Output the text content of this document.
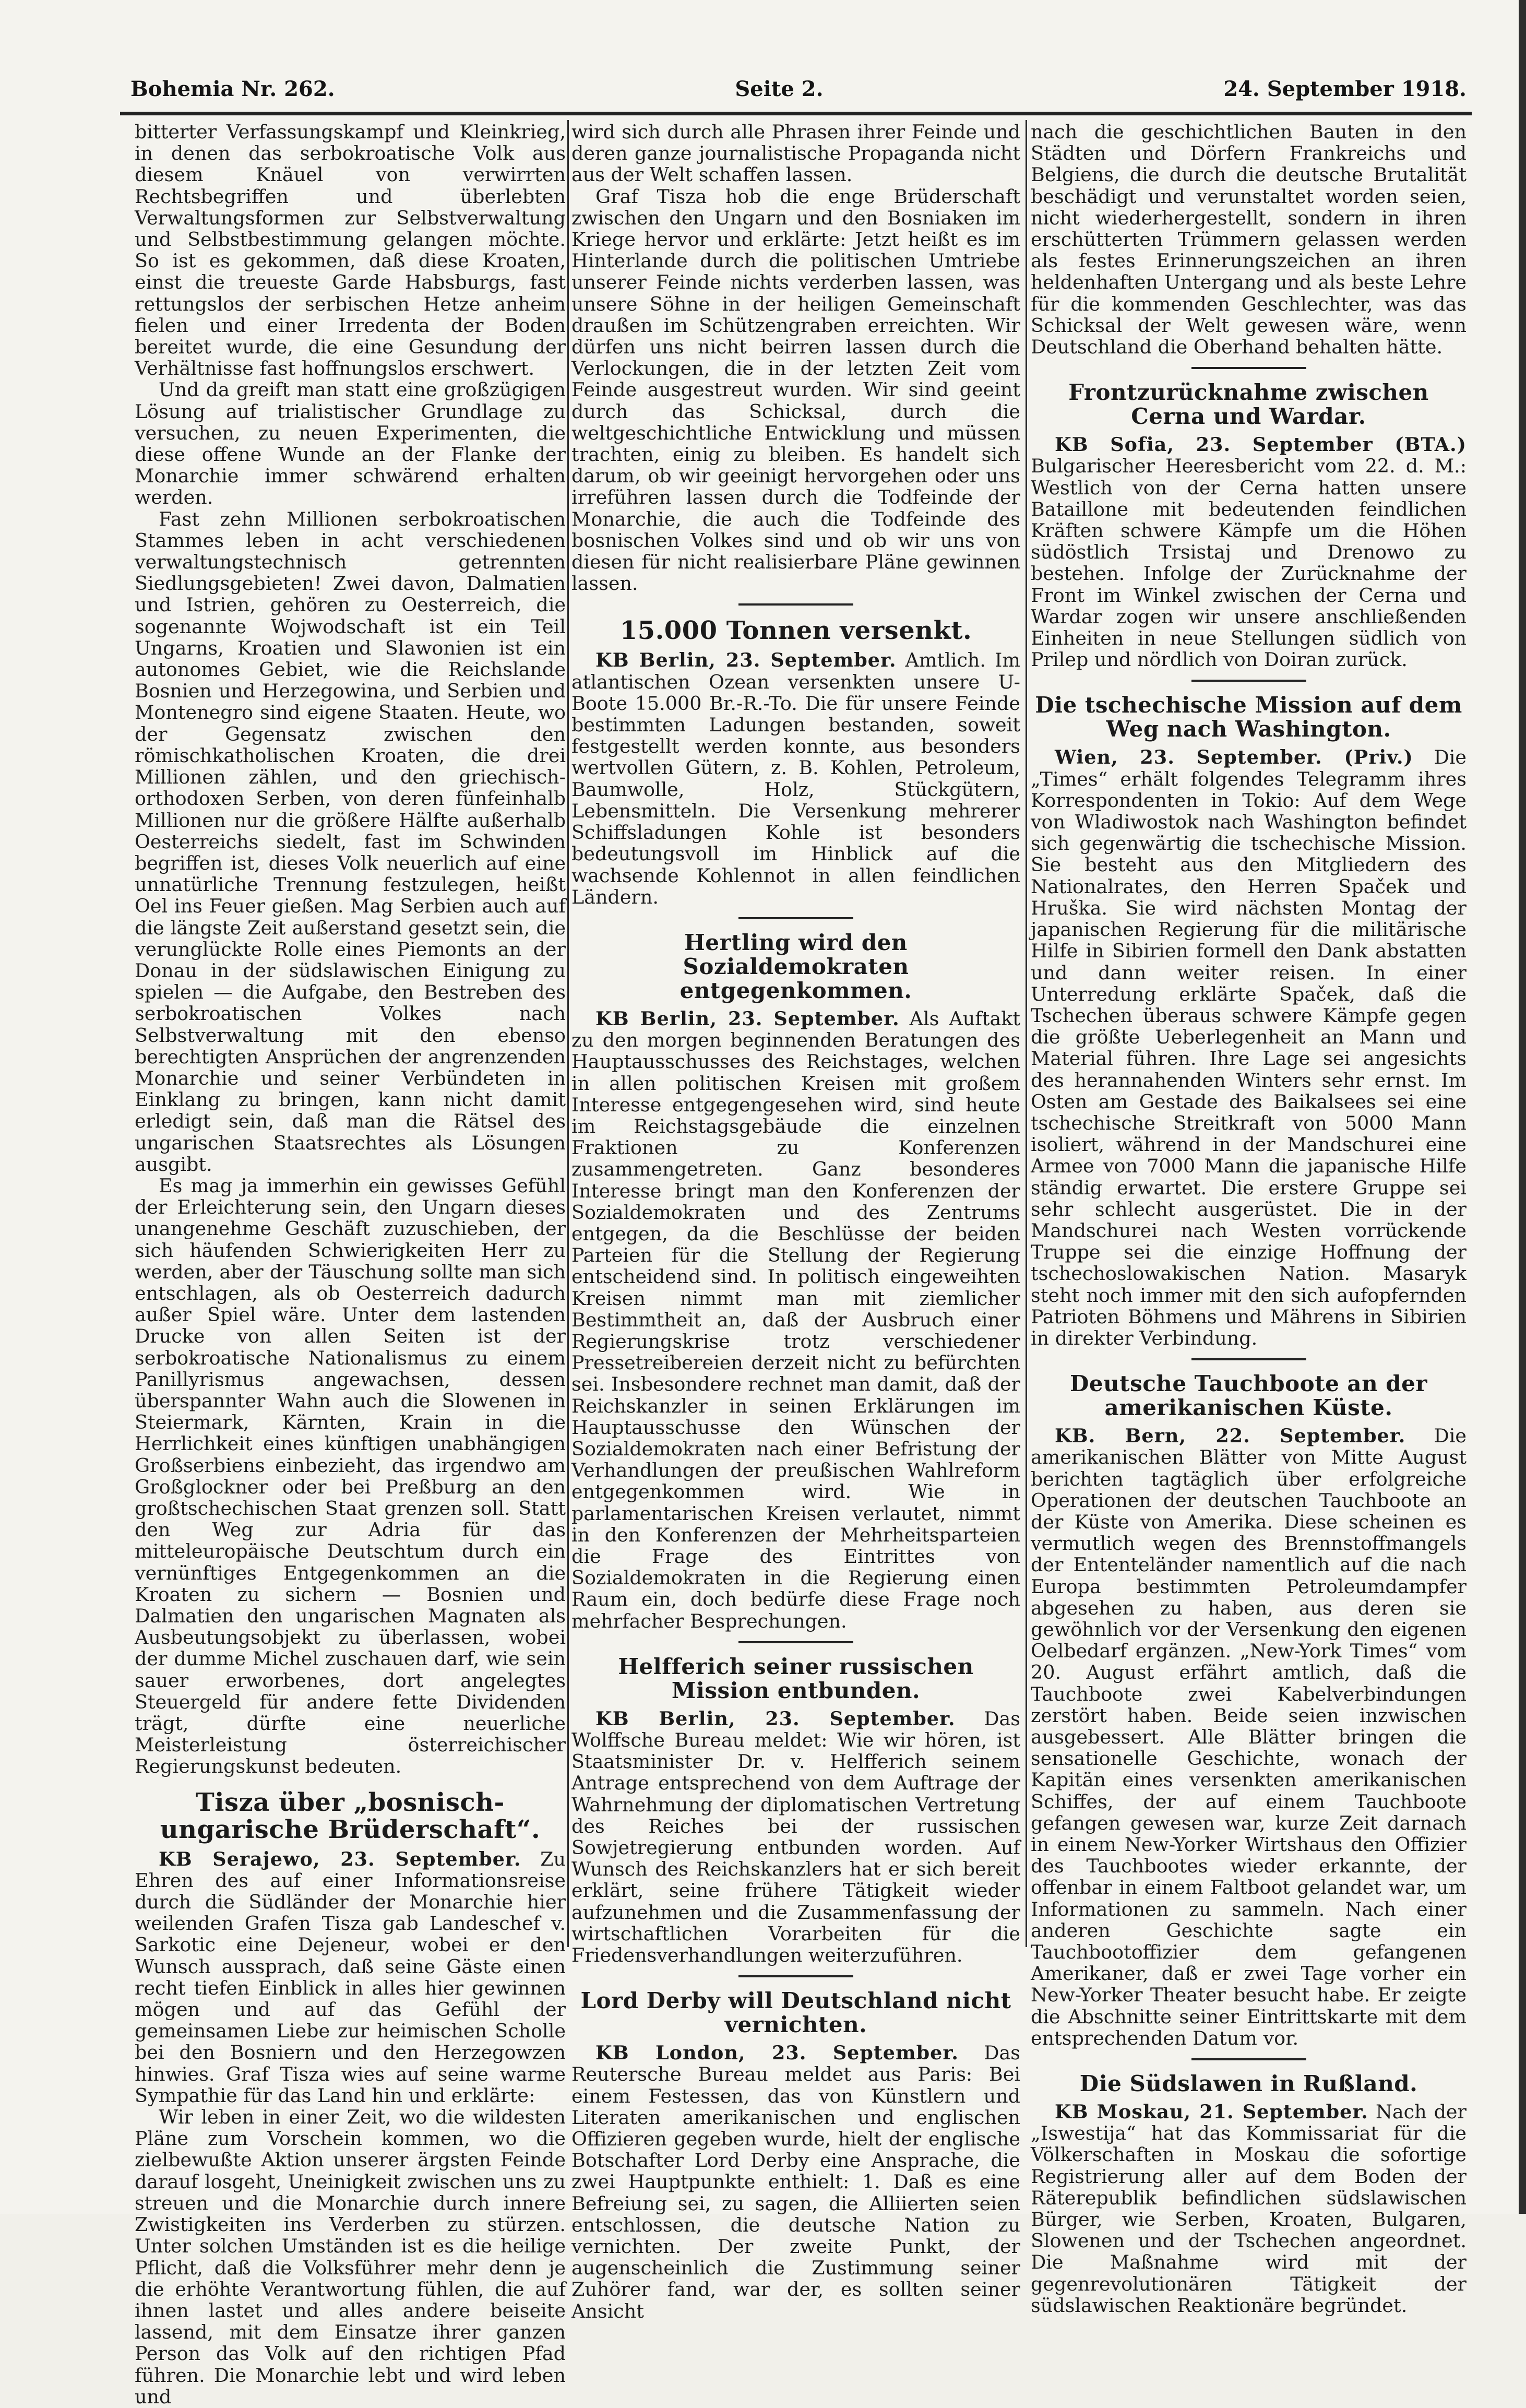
Bohemia Nr. 262.	Seite 2.	24. September 1918.

bitterter Verfassungskampf und Kleinkrieg, in denen das serbokroatische Volk aus diesem Knäuel von verwirrten Rechtsbegriffen und überlebten Verwaltungsformen zur Selbstverwaltung und Selbstbestimmung gelangen möchte. So ist es gekommen, daß diese Kroaten, einst die treueste Garde Habsburgs, fast rettungslos der serbischen Hetze anheim fielen und einer Irredenta der Boden bereitet wurde, die eine Gesundung der Verhältnisse fast hoffnungslos erschwert.

Und da greift man statt eine großzügigen Lösung auf trialistischer Grundlage zu versuchen, zu neuen Experimenten, die diese offene Wunde an der Flanke der Monarchie immer schwärend erhalten werden.

Fast zehn Millionen serbokroatischen Stammes leben in acht verschiedenen verwaltungstechnisch getrennten Siedlungsgebieten! Zwei davon, Dalmatien und Istrien, gehören zu Oesterreich, die sogenannte Wojwodschaft ist ein Teil Ungarns, Kroatien und Slawonien ist ein autonomes Gebiet, wie die Reichslande Bosnien und Herzegowina, und Serbien und Montenegro sind eigene Staaten. Heute, wo der Gegensatz zwischen den römischkatholischen Kroaten, die drei Millionen zählen, und den griechisch-orthodoxen Serben, von deren fünfeinhalb Millionen nur die größere Hälfte außerhalb Oesterreichs siedelt, fast im Schwinden begriffen ist, dieses Volk neuerlich auf eine unnatürliche Trennung festzulegen, heißt Oel ins Feuer gießen. Mag Serbien auch auf die längste Zeit außerstand gesetzt sein, die verunglückte Rolle eines Piemonts an der Donau in der südslawischen Einigung zu spielen — die Aufgabe, den Bestreben des serbokroatischen Volkes nach Selbstverwaltung mit den ebenso berechtigten Ansprüchen der angrenzenden Monarchie und seiner Verbündeten in Einklang zu bringen, kann nicht damit erledigt sein, daß man die Rätsel des ungarischen Staatsrechtes als Lösungen ausgibt.

Es mag ja immerhin ein gewisses Gefühl der Erleichterung sein, den Ungarn dieses unangenehme Geschäft zuzuschieben, der sich häufenden Schwierigkeiten Herr zu werden, aber der Täuschung sollte man sich entschlagen, als ob Oesterreich dadurch außer Spiel wäre. Unter dem lastenden Drucke von allen Seiten ist der serbokroatische Nationalismus zu einem Panillyrismus angewachsen, dessen überspannter Wahn auch die Slowenen in Steiermark, Kärnten, Krain in die Herrlichkeit eines künftigen unabhängigen Großserbiens einbezieht, das irgendwo am Großglockner oder bei Preßburg an den großtschechischen Staat grenzen soll. Statt den Weg zur Adria für das mitteleuropäische Deutschtum durch ein vernünftiges Entgegenkommen an die Kroaten zu sichern — Bosnien und Dalmatien den ungarischen Magnaten als Ausbeutungsobjekt zu überlassen, wobei der dumme Michel zuschauen darf, wie sein sauer erworbenes, dort angelegtes Steuergeld für andere fette Dividenden trägt, dürfte eine neuerliche Meisterleistung österreichischer Regierungskunst bedeuten.

Tisza über „bosnisch-ungarische Brüderschaft“.

KB Serajewo, 23. September. Zu Ehren des auf einer Informationsreise durch die Südländer der Monarchie hier weilenden Grafen Tisza gab Landeschef v. Sarkotic eine Dejeneur, wobei er den Wunsch aussprach, daß seine Gäste einen recht tiefen Einblick in alles hier gewinnen mögen und auf das Gefühl der gemeinsamen Liebe zur heimischen Scholle bei den Bosniern und den Herzegowzen hinwies. Graf Tisza wies auf seine warme Sympathie für das Land hin und erklärte:

Wir leben in einer Zeit, wo die wildesten Pläne zum Vorschein kommen, wo die zielbewußte Aktion unserer ärgsten Feinde darauf losgeht, Uneinigkeit zwischen uns zu streuen und die Monarchie durch innere Zwistigkeiten ins Verderben zu stürzen. Unter solchen Umständen ist es die heilige Pflicht, daß die Volksführer mehr denn je die erhöhte Verantwortung fühlen, die auf ihnen lastet und alles andere beiseite lassend, mit dem Einsatze ihrer ganzen Person das Volk auf den richtigen Pfad führen. Die Monarchie lebt und wird leben und

wird sich durch alle Phrasen ihrer Feinde und deren ganze journalistische Propaganda nicht aus der Welt schaffen lassen.

Graf Tisza hob die enge Brüderschaft zwischen den Ungarn und den Bosniaken im Kriege hervor und erklärte: Jetzt heißt es im Hinterlande durch die politischen Umtriebe unserer Feinde nichts verderben lassen, was unsere Söhne in der heiligen Gemeinschaft draußen im Schützengraben erreichten. Wir dürfen uns nicht beirren lassen durch die Verlockungen, die in der letzten Zeit vom Feinde ausgestreut wurden. Wir sind geeint durch das Schicksal, durch die weltgeschichtliche Entwicklung und müssen trachten, einig zu bleiben. Es handelt sich darum, ob wir geeinigt hervorgehen oder uns irreführen lassen durch die Todfeinde der Monarchie, die auch die Todfeinde des bosnischen Volkes sind und ob wir uns von diesen für nicht realisierbare Pläne gewinnen lassen.

15.000 Tonnen versenkt.

KB Berlin, 23. September. Amtlich. Im atlantischen Ozean versenkten unsere U-Boote 15.000 Br.-R.-To. Die für unsere Feinde bestimmten Ladungen bestanden, soweit festgestellt werden konnte, aus besonders wertvollen Gütern, z. B. Kohlen, Petroleum, Baumwolle, Holz, Stückgütern, Lebensmitteln. Die Versenkung mehrerer Schiffsladungen Kohle ist besonders bedeutungsvoll im Hinblick auf die wachsende Kohlennot in allen feindlichen Ländern.

Hertling wird den Sozialdemokraten entgegenkommen.

KB Berlin, 23. September. Als Auftakt zu den morgen beginnenden Beratungen des Hauptausschusses des Reichstages, welchen in allen politischen Kreisen mit großem Interesse entgegengesehen wird, sind heute im Reichstagsgebäude die einzelnen Fraktionen zu Konferenzen zusammengetreten. Ganz besonderes Interesse bringt man den Konferenzen der Sozialdemokraten und des Zentrums entgegen, da die Beschlüsse der beiden Parteien für die Stellung der Regierung entscheidend sind. In politisch eingeweihten Kreisen nimmt man mit ziemlicher Bestimmtheit an, daß der Ausbruch einer Regierungskrise trotz verschiedener Pressetreibereien derzeit nicht zu befürchten sei. Insbesondere rechnet man damit, daß der Reichskanzler in seinen Erklärungen im Hauptausschusse den Wünschen der Sozialdemokraten nach einer Befristung der Verhandlungen der preußischen Wahlreform entgegenkommen wird. Wie in parlamentarischen Kreisen verlautet, nimmt in den Konferenzen der Mehrheitsparteien die Frage des Eintrittes von Sozialdemokraten in die Regierung einen Raum ein, doch bedürfe diese Frage noch mehrfacher Besprechungen.

Helfferich seiner russischen Mission entbunden.

KB Berlin, 23. September. Das Wolffsche Bureau meldet: Wie wir hören, ist Staatsminister Dr. v. Helfferich seinem Antrage entsprechend von dem Auftrage der Wahrnehmung der diplomatischen Vertretung des Reiches bei der russischen Sowjetregierung entbunden worden. Auf Wunsch des Reichskanzlers hat er sich bereit erklärt, seine frühere Tätigkeit wieder aufzunehmen und die Zusammenfassung der wirtschaftlichen Vorarbeiten für die Friedensverhandlungen weiterzuführen.

Lord Derby will Deutschland nicht vernichten.

KB London, 23. September. Das Reutersche Bureau meldet aus Paris: Bei einem Festessen, das von Künstlern und Literaten amerikanischen und englischen Offizieren gegeben wurde, hielt der englische Botschafter Lord Derby eine Ansprache, die zwei Hauptpunkte enthielt: 1. Daß es eine Befreiung sei, zu sagen, die Alliierten seien entschlossen, die deutsche Nation zu vernichten. Der zweite Punkt, der augenscheinlich die Zustimmung seiner Zuhörer fand, war der, es sollten seiner Ansicht

nach die geschichtlichen Bauten in den Städten und Dörfern Frankreichs und Belgiens, die durch die deutsche Brutalität beschädigt und verunstaltet worden seien, nicht wiederhergestellt, sondern in ihren erschütterten Trümmern gelassen werden als festes Erinnerungszeichen an ihren heldenhaften Untergang und als beste Lehre für die kommenden Geschlechter, was das Schicksal der Welt gewesen wäre, wenn Deutschland die Oberhand behalten hätte.

Frontzurücknahme zwischen Cerna und Wardar.

KB Sofia, 23. September (BTA.) Bulgarischer Heeresbericht vom 22. d. M.: Westlich von der Cerna hatten unsere Bataillone mit bedeutenden feindlichen Kräften schwere Kämpfe um die Höhen südöstlich Trsistaj und Drenowo zu bestehen. Infolge der Zurücknahme der Front im Winkel zwischen der Cerna und Wardar zogen wir unsere anschließenden Einheiten in neue Stellungen südlich von Prilep und nördlich von Doiran zurück.

Die tschechische Mission auf dem Weg nach Washington.

Wien, 23. September. (Priv.) Die „Times“ erhält folgendes Telegramm ihres Korrespondenten in Tokio: Auf dem Wege von Wladiwostok nach Washington befindet sich gegenwärtig die tschechische Mission. Sie besteht aus den Mitgliedern des Nationalrates, den Herren Spaček und Hruška. Sie wird nächsten Montag der japanischen Regierung für die militärische Hilfe in Sibirien formell den Dank abstatten und dann weiter reisen. In einer Unterredung erklärte Spaček, daß die Tschechen überaus schwere Kämpfe gegen die größte Ueberlegenheit an Mann und Material führen. Ihre Lage sei angesichts des herannahenden Winters sehr ernst. Im Osten am Gestade des Baikalsees sei eine tschechische Streitkraft von 5000 Mann isoliert, während in der Mandschurei eine Armee von 7000 Mann die japanische Hilfe ständig erwartet. Die erstere Gruppe sei sehr schlecht ausgerüstet. Die in der Mandschurei nach Westen vorrückende Truppe sei die einzige Hoffnung der tschechoslowakischen Nation. Masaryk steht noch immer mit den sich aufopfernden Patrioten Böhmens und Mährens in Sibirien in direkter Verbindung.

Deutsche Tauchboote an der amerikanischen Küste.

KB. Bern, 22. September. Die amerikanischen Blätter von Mitte August berichten tagtäglich über erfolgreiche Operationen der deutschen Tauchboote an der Küste von Amerika. Diese scheinen es vermutlich wegen des Brennstoffmangels der Ententeländer namentlich auf die nach Europa bestimmten Petroleumdampfer abgesehen zu haben, aus deren sie gewöhnlich vor der Versenkung den eigenen Oelbedarf ergänzen. „New-York Times“ vom 20. August erfährt amtlich, daß die Tauchboote zwei Kabelverbindungen zerstört haben. Beide seien inzwischen ausgebessert. Alle Blätter bringen die sensationelle Geschichte, wonach der Kapitän eines versenkten amerikanischen Schiffes, der auf einem Tauchboote gefangen gewesen war, kurze Zeit darnach in einem New-Yorker Wirtshaus den Offizier des Tauchbootes wieder erkannte, der offenbar in einem Faltboot gelandet war, um Informationen zu sammeln. Nach einer anderen Geschichte sagte ein Tauchbootoffizier dem gefangenen Amerikaner, daß er zwei Tage vorher ein New-Yorker Theater besucht habe. Er zeigte die Abschnitte seiner Eintrittskarte mit dem entsprechenden Datum vor.

Die Südslawen in Rußland.

KB Moskau, 21. September. Nach der „Iswestija“ hat das Kommissariat für die Völkerschaften in Moskau die sofortige Registrierung aller auf dem Boden der Räterepublik befindlichen südslawischen Bürger, wie Serben, Kroaten, Bulgaren, Slowenen und der Tschechen angeordnet. Die Maßnahme wird mit der gegenrevolutionären Tätigkeit der südslawischen Reaktionäre begründet.
